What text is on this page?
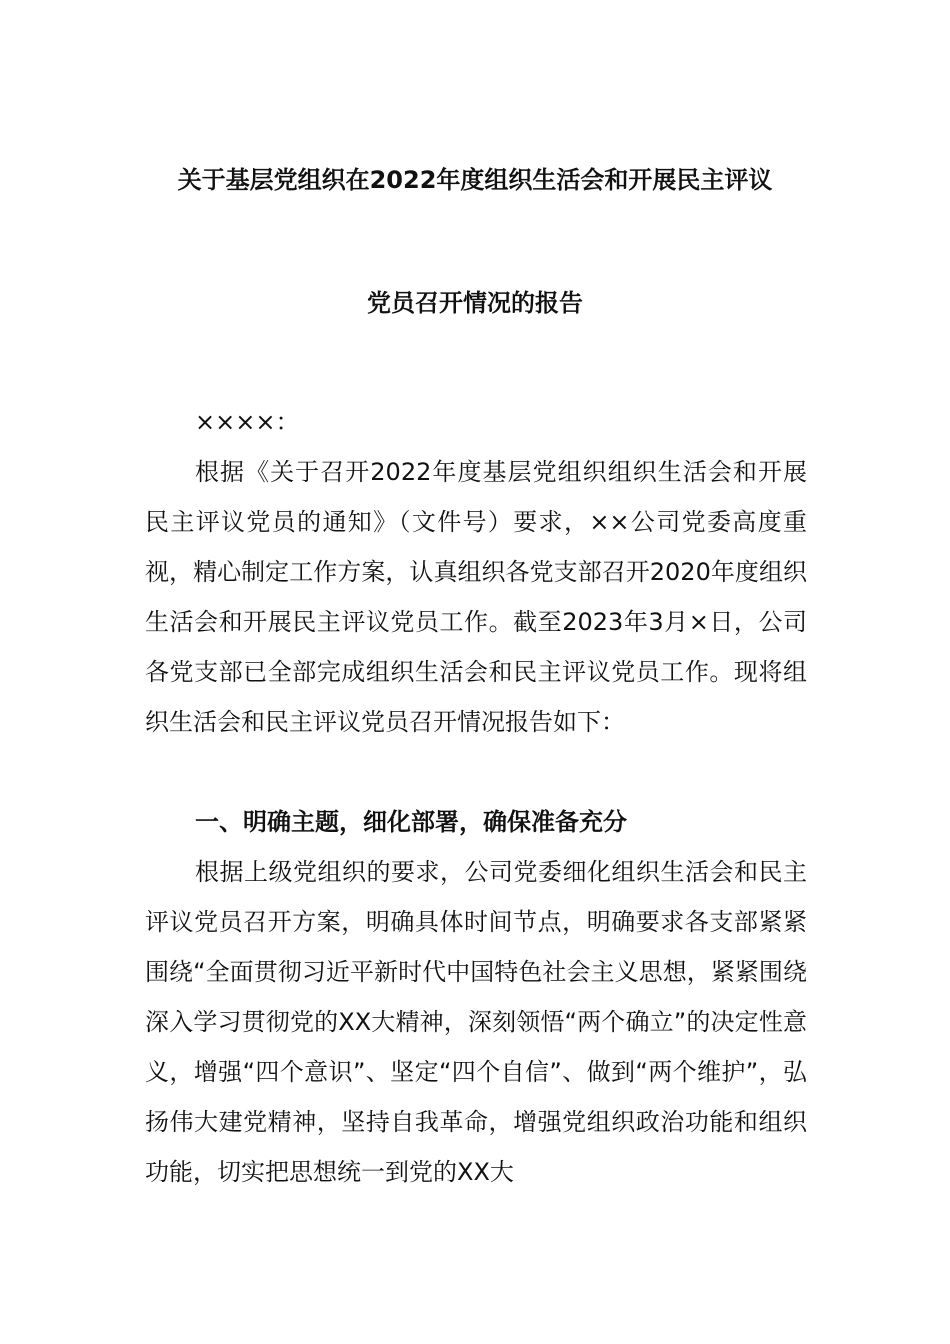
关于基层党组织在2022年度组织生活会和开展民主评议
党员召开情况的报告
××××：

根据《关于召开2022年度基层党组织组织生活会和开展民主评议党员的通知》（文件号）要求，××公司党委高度重视，精心制定工作方案，认真组织各党支部召开2020年度组织生活会和开展民主评议党员工作。截至2023年3月×日，公司各党支部已全部完成组织生活会和民主评议党员工作。现将组织生活会和民主评议党员召开情况报告如下：

一、明确主题，细化部署，确保准备充分

根据上级党组织的要求，公司党委细化组织生活会和民主评议党员召开方案，明确具体时间节点，明确要求各支部紧紧围绕“全面贯彻习近平新时代中国特色社会主义思想，紧紧围绕深入学习贯彻党的XX大精神，深刻领悟“两个确立”的决定性意义，增强“四个意识”、坚定“四个自信”、做到“两个维护”，弘扬伟大建党精神，坚持自我革命，增强党组织政治功能和组织功能，切实把思想统一到党的XX大
